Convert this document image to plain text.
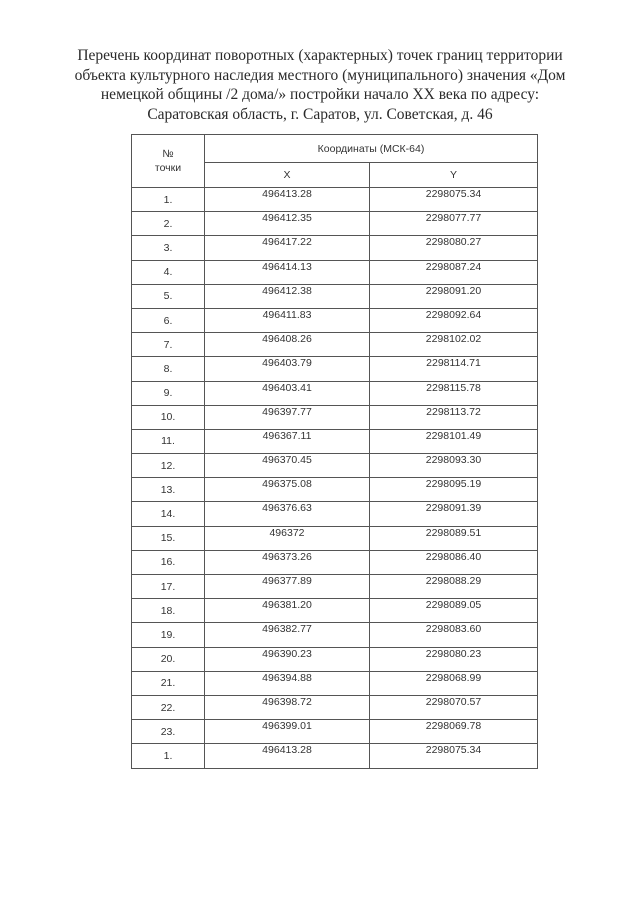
Перечень координат поворотных (характерных) точек границ территории
объекта культурного наследия местного (муниципального) значения «Дом
немецкой общины /2 дома/» постройки начало XX века по адресу:
Саратовская область, г. Саратов, ул. Советская, д. 46
№
точки	Координаты (МСК-64)	
	X	Y
1.	496413.28	2298075.34
2.	496412.35	2298077.77
3.	496417.22	2298080.27
4.	496414.13	2298087.24
5.	496412.38	2298091.20
6.	496411.83	2298092.64
7.	496408.26	2298102.02
8.	496403.79	2298114.71
9.	496403.41	2298115.78
10.	496397.77	2298113.72
11.	496367.11	2298101.49
12.	496370.45	2298093.30
13.	496375.08	2298095.19
14.	496376.63	2298091.39
15.	496372	2298089.51
16.	496373.26	2298086.40
17.	496377.89	2298088.29
18.	496381.20	2298089.05
19.	496382.77	2298083.60
20.	496390.23	2298080.23
21.	496394.88	2298068.99
22.	496398.72	2298070.57
23.	496399.01	2298069.78
1.	496413.28	2298075.34
